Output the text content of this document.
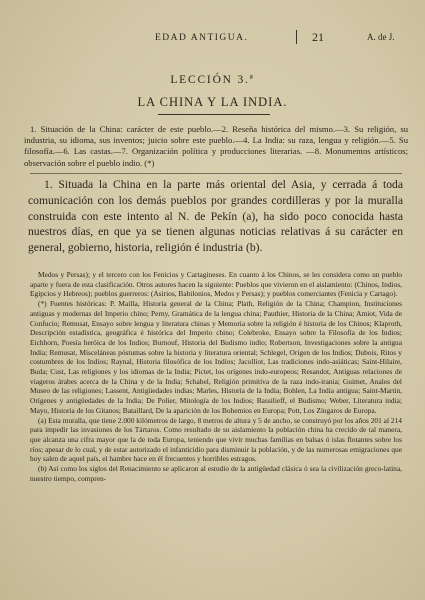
EDAD ANTIGUA.	21	A. de J.
LECCIÓN 3.ª
LA CHINA Y LA INDIA.
1. Situación de la China: carácter de este pueblo.—2. Reseña histórica del mismo.—3. Su religión, su industria, su idioma, sus inventos; juicio sobre este pueblo.—4. La India: su raza, lengua y religión.—5. Su filosofía.—6. Las castas.—7. Organización política y producciones literarias. —8. Monumentos artísticos; observación sobre el pueblo indio. (*)
1. Situada la China en la parte más oriental del Asia, y cerrada á toda comunicación con los demás pueblos por grandes cordilleras y por la muralla construida con este intento al N. de Pekín (a), ha sido poco conocida hasta nuestros días, en que ya se tienen algunas noticias relativas á su carácter en general, gobierno, historia, religión é industria (b).

Medos y Persas); y el tercero con los Fenicios y Cartagineses. En cuanto á los Chinos, se les considera como un pueblo aparte y fuera de esta clasificación. Otros autores hacen la siguiente: Pueblos que vivieron en el aislamiento: (Chinos, Indios, Egipcios y Hebreos); pueblos guerreros: (Asirios, Babilonios, Medos y Persas); y pueblos comerciantes (Fenicia y Cartago).

(*) Fuentes históricas: P. Mailla, Historia general de la China; Plath, Religión de la China; Champion, Instituciones antiguas y modernas del Imperio chino; Perny, Gramática de la lengua china; Pauthier, Historia de la China; Amiot, Vida de Confucio; Remusat, Ensayo sobre lengua y literatura chinas y Memoria sobre la religión é historia de los Chinos; Klaproth, Descripción estadística, geográfica é histórica del Imperio chino; Colebroke, Ensayo sobre la Filosofía de los Indios; Eichhorn, Poesía heróica de los Indios; Burnouf, Historia del Budismo indio; Robertson, Investigaciones sobre la antigua India; Remusat, Misceláneas póstumas sobre la historia y literatura oriental; Schlegel, Origen de los Indios; Dubois, Ritos y costumbres de los Indios; Raynal, Historia filosófica de los Indios; Jacolliot, Las tradiciones indo-asiáticas; Saint-Hilaire, Buda; Cust, Las religiones y los idiomas de la India; Pictet, los orígenes indo-europeos; Resandot, Antiguas relaciones de viageros árabes acerca de la China y de la India; Schabel, Religión primitiva de la raza indo-irania; Guimet, Anales del Museo de las religiones; Lassent, Antigüedades indias; Marles, Historia de la India; Bohlen, La India antigua; Saint-Martin, Orígenes y antigüedades de la India; De Polier, Mitología de los Indios; Bassilieff, el Budismo; Weber, Literatura india; Mayo, Historia de los Gitanos; Bataillard, De la aparición de los Bohemios en Europa; Pott, Los Zíngaros de Europa.

(a) Esta muralla, que tiene 2.000 kilómetros de largo, 8 metros de altura y 5 de ancho, se construyó por los años 201 al 214 para impedir las invasiones de los Tártaros. Como resultado de su aislamiento la población china ha crecido de tal manera, que alcanza una cifra mayor que la de toda Europa, teniendo que vivir muchas familias en balsas ó islas flotantes sobre los ríos; apesar de lo cual, y de estar autorizado el infanticidio para disminuir la población, y de las numerosas emigraciones que hoy salen de aquel país, el hambre hace en él frecuentes y horribles estragos.

(b) Así como los siglos del Renacimiento se aplicaron al estudio de la antigüedad clásica ó sea la civilización greco-latina, nuestro tiempo, compren-
